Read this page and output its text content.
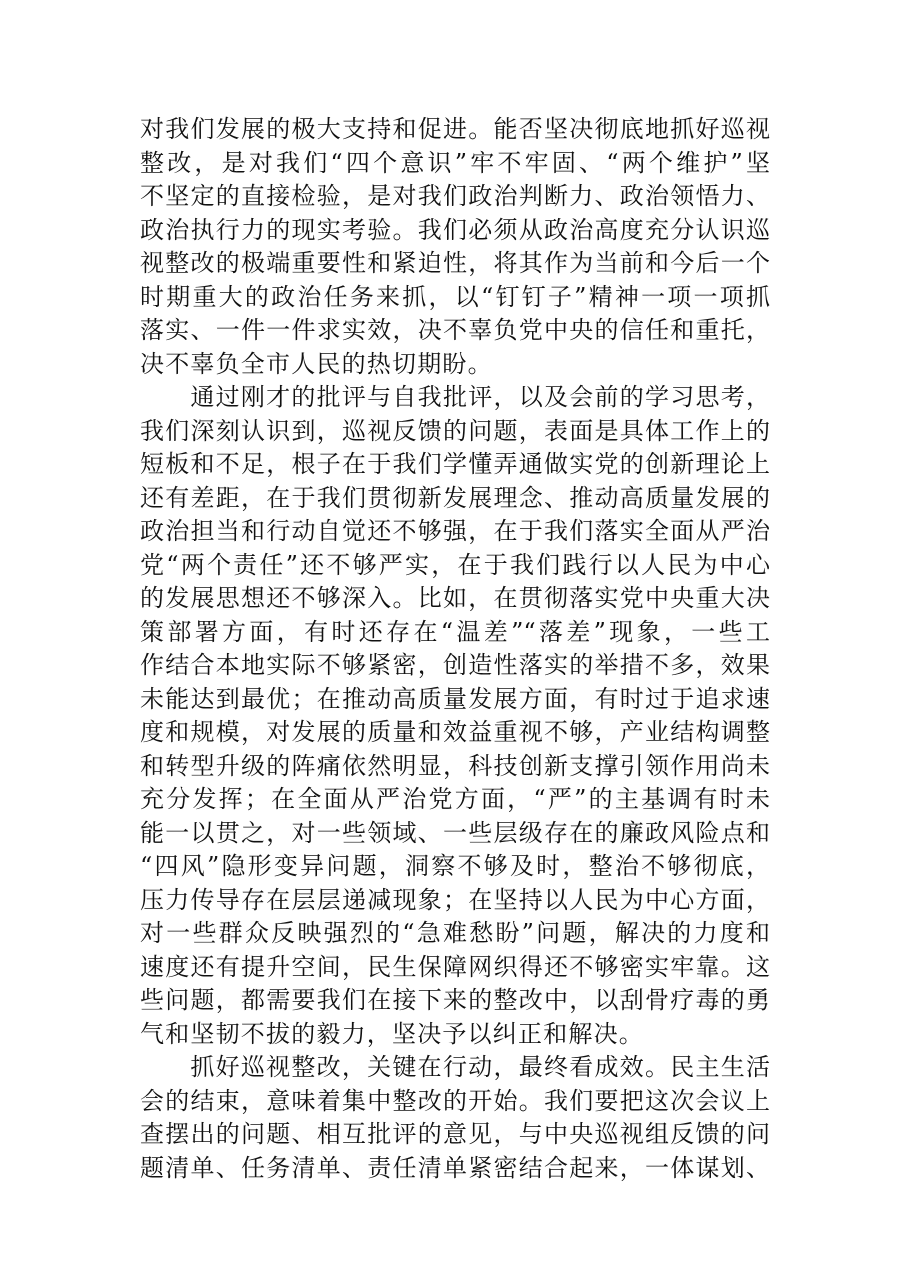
对我们发展的极大支持和促进。能否坚决彻底地抓好巡视
整改，是对我们“四个意识”牢不牢固、“两个维护”坚
不坚定的直接检验，是对我们政治判断力、政治领悟力、
政治执行力的现实考验。我们必须从政治高度充分认识巡
视整改的极端重要性和紧迫性，将其作为当前和今后一个
时期重大的政治任务来抓，以“钉钉子”精神一项一项抓
落实、一件一件求实效，决不辜负党中央的信任和重托，
决不辜负全市人民的热切期盼。
通过刚才的批评与自我批评，以及会前的学习思考，
我们深刻认识到，巡视反馈的问题，表面是具体工作上的
短板和不足，根子在于我们学懂弄通做实党的创新理论上
还有差距，在于我们贯彻新发展理念、推动高质量发展的
政治担当和行动自觉还不够强，在于我们落实全面从严治
党“两个责任”还不够严实，在于我们践行以人民为中心
的发展思想还不够深入。比如，在贯彻落实党中央重大决
策部署方面，有时还存在“温差”“落差”现象，一些工
作结合本地实际不够紧密，创造性落实的举措不多，效果
未能达到最优；在推动高质量发展方面，有时过于追求速
度和规模，对发展的质量和效益重视不够，产业结构调整
和转型升级的阵痛依然明显，科技创新支撑引领作用尚未
充分发挥；在全面从严治党方面，“严”的主基调有时未
能一以贯之，对一些领域、一些层级存在的廉政风险点和
“四风”隐形变异问题，洞察不够及时，整治不够彻底，
压力传导存在层层递减现象；在坚持以人民为中心方面，
对一些群众反映强烈的“急难愁盼”问题，解决的力度和
速度还有提升空间，民生保障网织得还不够密实牢靠。这
些问题，都需要我们在接下来的整改中，以刮骨疗毒的勇
气和坚韧不拔的毅力，坚决予以纠正和解决。
抓好巡视整改，关键在行动，最终看成效。民主生活
会的结束，意味着集中整改的开始。我们要把这次会议上
查摆出的问题、相互批评的意见，与中央巡视组反馈的问
题清单、任务清单、责任清单紧密结合起来，一体谋划、
